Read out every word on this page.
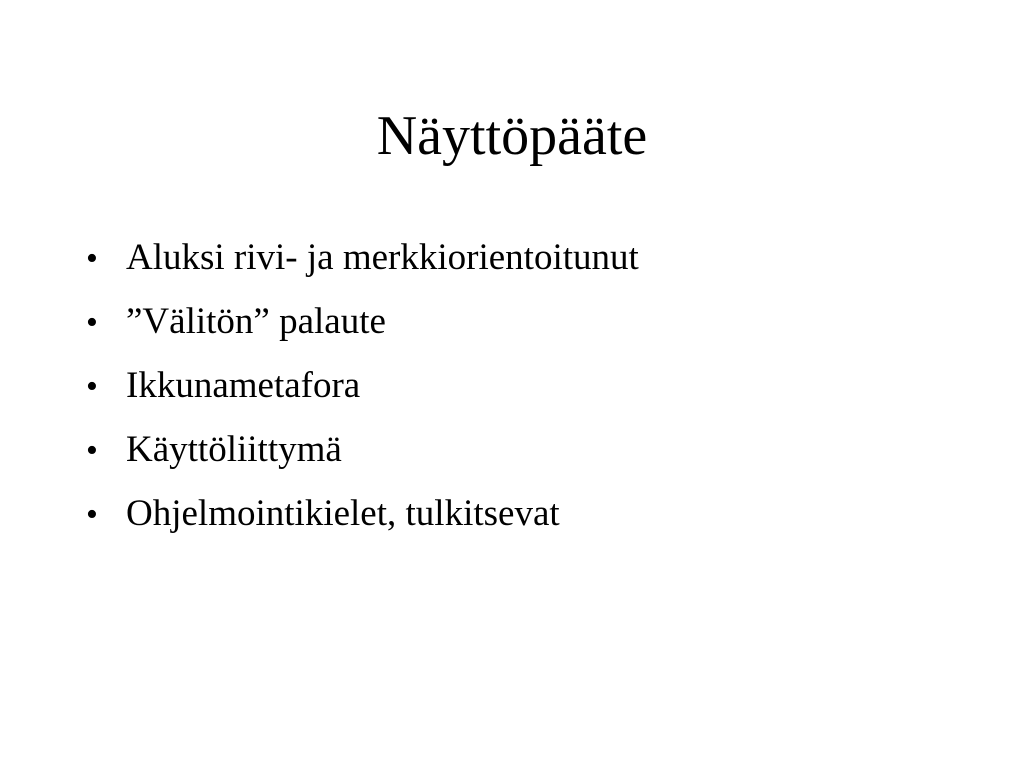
Näyttöpääte
• Aluksi rivi- ja merkkiorientoitunut
• ”Välitön” palaute
• Ikkunametafora
• Käyttöliittymä
• Ohjelmointikielet, tulkitsevat
